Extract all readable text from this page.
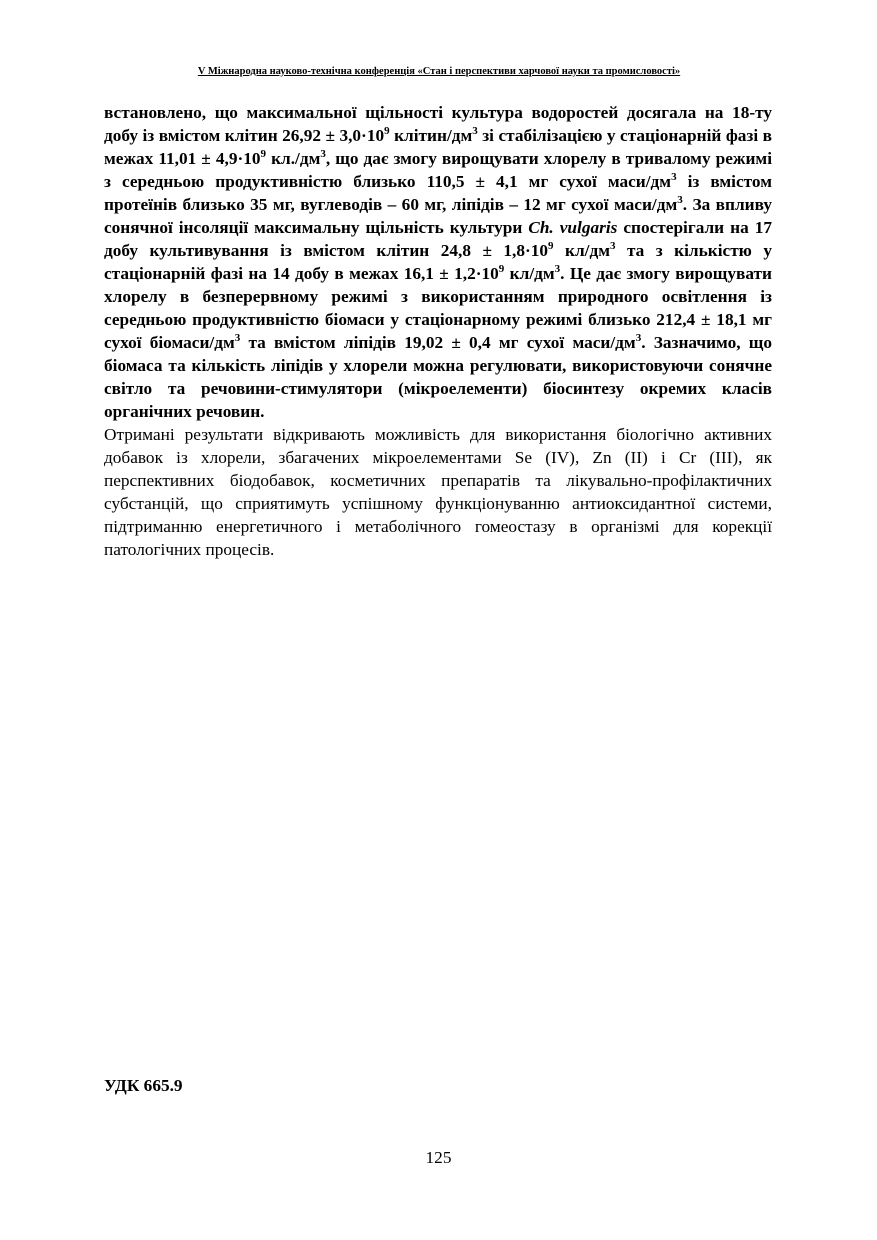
V Міжнародна науково-технічна конференція «Стан і перспективи харчової науки та промисловості»
встановлено, що максимальної щільності культура водоростей досягала на 18-ту добу із вмістом клітин $26,92 \pm 3,0\cdot 10^9$ клітин/$дм^3$ зі стабілізацією у стаціонарній фазі в межах $11,01 \pm 4,9\cdot 10^9$ $кл./дм^3$, що дає змогу вирощувати хлорелу в тривалому режимі з середньою продуктивністю близько 110,5 ± 4,1 мг сухої маси/$дм^3$ із вмістом протеїнів близько 35 мг, вуглеводів – 60 мг, ліпідів – 12 мг сухої маси/$дм^3$. За впливу сонячної інсоляції максимальну щільність культури Ch. vulgaris спостерігали на 17 добу культивування із вмістом клітин $24,8 \pm 1,8\cdot 10^9$ $кл/дм^3$ та з кількістю у стаціонарній фазі на 14 добу в межах $16,1 \pm 1,2\cdot 10^9$ $кл/дм^3$. Це дає змогу вирощувати хлорелу в безперервному режимі з використанням природного освітлення із середньою продуктивністю біомаси у стаціонарному режимі близько 212,4 ± 18,1 мг сухої біомаси/$дм^3$ та вмістом ліпідів 19,02 ± 0,4 мг сухої маси/$дм^3$. Зазначимо, що біомаса та кількість ліпідів у хлорели можна регулювати, використовуючи сонячне світло та речовини-стимулятори (мікроелементи) біосинтезу окремих класів органічних речовин.

Отримані результати відкривають можливість для використання біологічно активних добавок із хлорели, збагачених мікроелементами Se (IV), Zn (II) і Cr (III), як перспективних біодобавок, косметичних препаратів та лікувально-профілактичних субстанцій, що сприятимуть успішному функціонуванню антиоксидантної системи, підтриманню енергетичного і метаболічного гомеостазу в організмі для корекції патологічних процесів.

УДК 665.9
125
